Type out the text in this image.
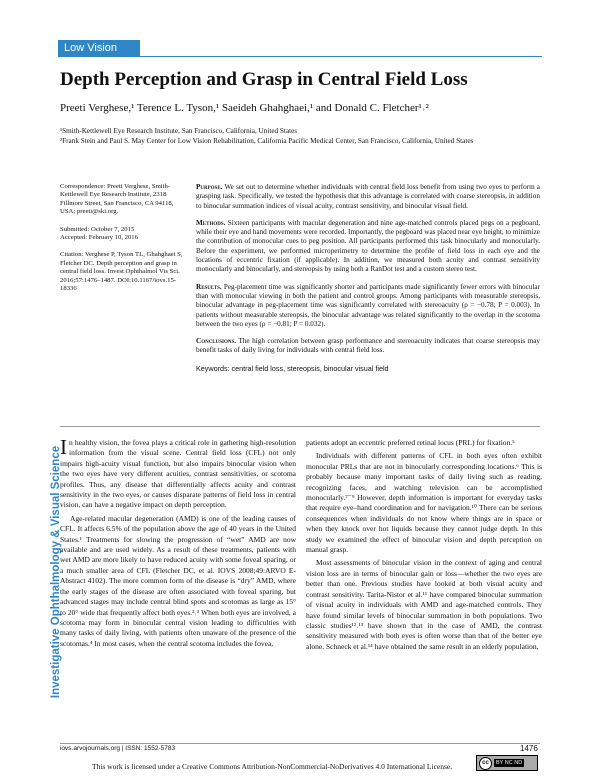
Low Vision
Investigative Ophthalmology & Visual Science
Depth Perception and Grasp in Central Field Loss
Preeti Verghese,¹ Terence L. Tyson,¹ Saeideh Ghahghaei,¹ and Donald C. Fletcher¹˒²

¹Smith-Kettlewell Eye Research Institute, San Francisco, California, United States

²Frank Stein and Paul S. May Center for Low Vision Rehabilitation, California Pacific Medical Center, San Francisco, California, United States

Correspondence: Preeti Verghese, Smith-Kettlewell Eye Research Institute, 2318 Fillmore Street, San Francisco, CA 94118, USA; preeti@ski.org.

Submitted: October 7, 2015

Accepted: February 10, 2016

Citation: Verghese P, Tyson TL, Ghahghaei S, Fletcher DC. Depth perception and grasp in central field loss. Invest Ophthalmol Vis Sci. 2016;57:1476–1487. DOI:10.1167/iovs.15-18336

Purpose. We set out to determine whether individuals with central field loss benefit from using two eyes to perform a grasping task. Specifically, we tested the hypothesis that this advantage is correlated with coarse stereopsis, in addition to binocular summation indices of visual acuity, contrast sensitivity, and binocular visual field.

Methods. Sixteen participants with macular degeneration and nine age-matched controls placed pegs on a pegboard, while their eye and hand movements were recorded. Importantly, the pegboard was placed near eye height, to minimize the contribution of monocular cues to peg position. All participants performed this task binocularly and monocularly. Before the experiment, we performed microperimetry to determine the profile of field loss in each eye and the locations of eccentric fixation (if applicable). In addition, we measured both acuity and contrast sensitivity monocularly and binocularly, and stereopsis by using both a RanDot test and a custom stereo test.

Results. Peg-placement time was significantly shorter and participants made significantly fewer errors with binocular than with monocular viewing in both the patient and control groups. Among participants with measurable stereopsis, binocular advantage in peg-placement time was significantly correlated with stereoacuity (ρ = −0.78; P = 0.003). In patients without measurable stereopsis, the binocular advantage was related significantly to the overlap in the scotoma between the two eyes (ρ = −0.81; P = 0.032).

Conclusions. The high correlation between grasp performance and stereoacuity indicates that coarse stereopsis may benefit tasks of daily living for individuals with central field loss.

Keywords: central field loss, stereopsis, binocular visual field

In healthy vision, the fovea plays a critical role in gathering high-resolution information from the visual scene. Central field loss (CFL) not only impairs high-acuity visual function, but also impairs binocular vision when the two eyes have very different acuities, contrast sensitivities, or scotoma profiles. Thus, any disease that differentially affects acuity and contrast sensitivity in the two eyes, or causes disparate patterns of field loss in central vision, can have a negative impact on depth perception.

Age-related macular degeneration (AMD) is one of the leading causes of CFL. It affects 6.5% of the population above the age of 40 years in the United States.¹ Treatments for slowing the progression of “wet” AMD are now available and are used widely. As a result of these treatments, patients with wet AMD are more likely to have reduced acuity with some foveal sparing, or a much smaller area of CFL (Fletcher DC, et al. IOVS 2008;49:ARVO E-Abstract 4102). The more common form of the disease is “dry” AMD, where the early stages of the disease are often associated with foveal sparing, but advanced stages may include central blind spots and scotomas as large as 15° to 20° wide that frequently affect both eyes.²˒³ When both eyes are involved, a scotoma may form in binocular central vision leading to difficulties with many tasks of daily living, with patients often unaware of the presence of the scotomas.⁴ In most cases, when the central scotoma includes the fovea,

patients adopt an eccentric preferred retinal locus (PRL) for fixation.⁵

Individuals with different patterns of CFL in both eyes often exhibit monocular PRLs that are not in binocularly corresponding locations.⁶ This is probably because many important tasks of daily living such as reading, recognizing faces, and watching television can be accomplished monocularly.⁷⁻⁹ However, depth information is important for everyday tasks that require eye–hand coordination and for navigation.¹⁰ There can be serious consequences when individuals do not know where things are in space or when they knock over hot liquids because they cannot judge depth. In this study we examined the effect of binocular vision and depth perception on manual grasp.

Most assessments of binocular vision in the context of aging and central vision loss are in terms of binocular gain or loss—whether the two eyes are better than one. Previous studies have looked at both visual acuity and contrast sensitivity. Tarita-Nistor et al.¹¹ have compared binocular summation of visual acuity in individuals with AMD and age-matched controls. They have found similar levels of binocular summation in both populations. Two classic studies¹²˒¹³ have shown that in the case of AMD, the contrast sensitivity measured with both eyes is often worse than that of the better eye alone. Schneck et al.¹⁴ have obtained the same result in an elderly population,

iovs.arvojournals.org | ISSN: 1552-5783	1476
This work is licensed under a Creative Commons Attribution-NonCommercial-NoDerivatives 4.0 International License.	cc	BY NC ND
